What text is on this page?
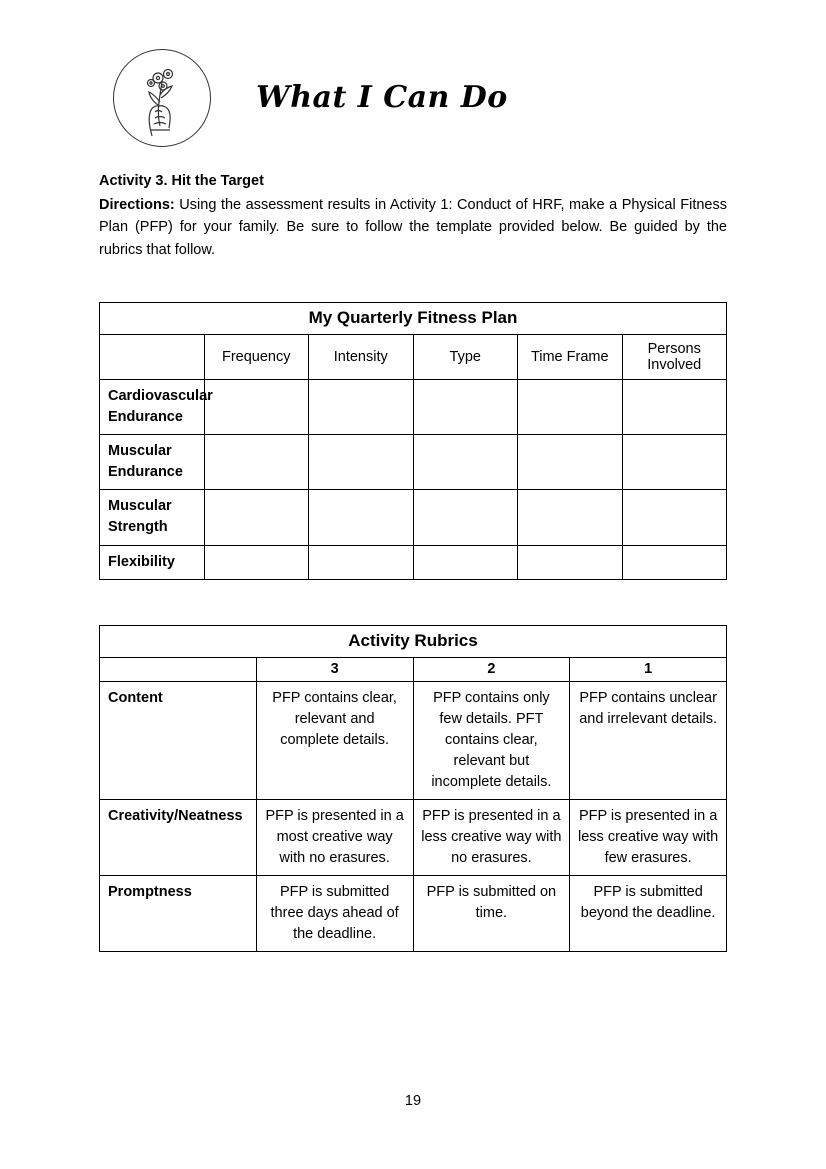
What I Can Do
Activity 3. Hit the Target

Directions: Using the assessment results in Activity 1: Conduct of HRF, make a Physical Fitness Plan (PFP) for your family. Be sure to follow the template provided below. Be guided by the rubrics that follow.

My Quarterly Fitness Plan					
	Frequency	Intensity	Type	Time Frame	Persons Involved
Cardiovascular Endurance					
Muscular Endurance					
Muscular Strength					
Flexibility					
Activity Rubrics			
	3	2	1
Content	PFP contains clear, relevant and complete details.	PFP contains only few details. PFT contains clear, relevant but incomplete details.	PFP contains unclear and irrelevant details.
Creativity/Neatness	PFP is presented in a most creative way with no erasures.	PFP is presented in a less creative way with no erasures.	PFP is presented in a less creative way with few erasures.
Promptness	PFP is submitted three days ahead of the deadline.	PFP is submitted on time.	PFP is submitted beyond the deadline.
19
